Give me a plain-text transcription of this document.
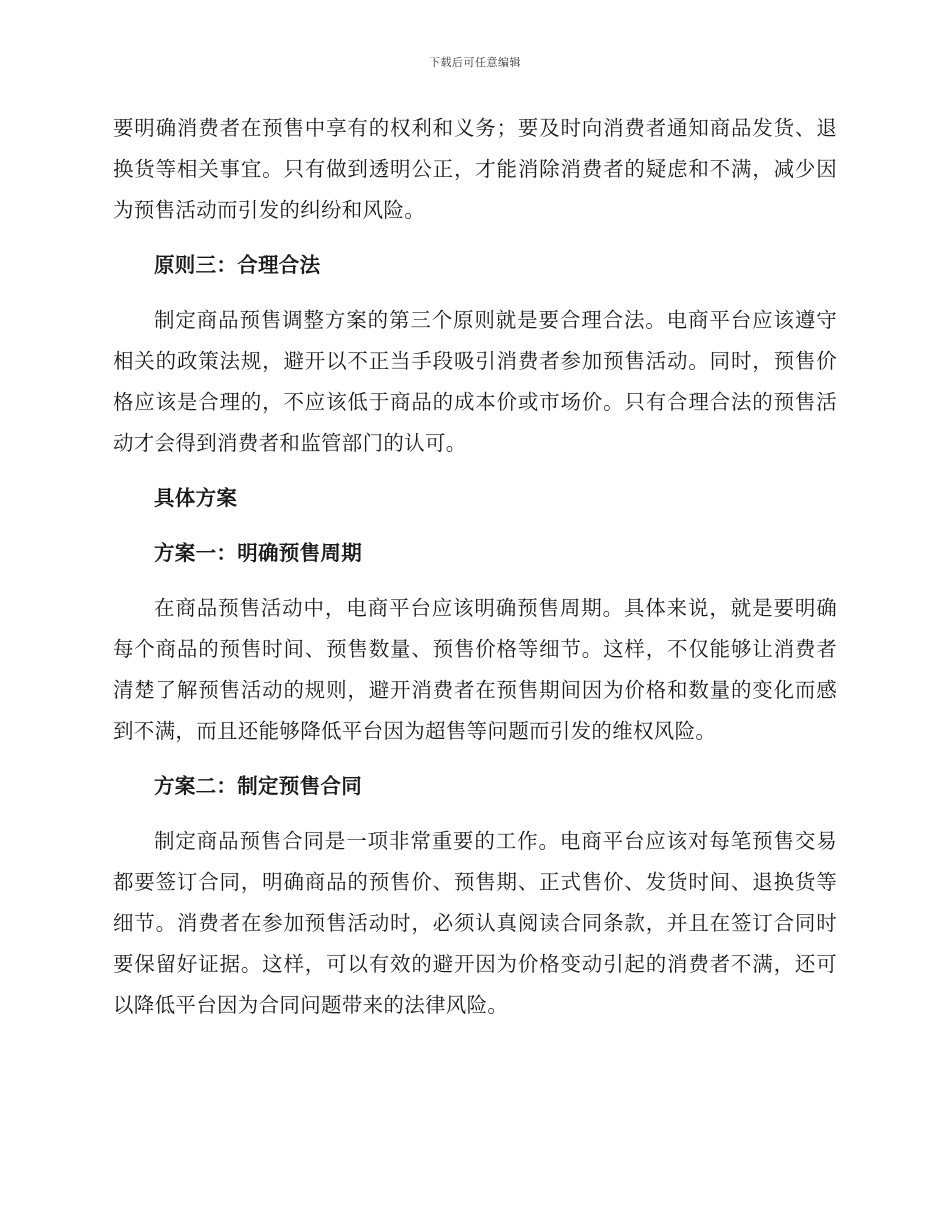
下载后可任意编辑

要明确消费者在预售中享有的权利和义务；要及时向消费者通知商品发货、退换货等相关事宜。只有做到透明公正，才能消除消费者的疑虑和不满，减少因为预售活动而引发的纠纷和风险。

原则三：合理合法

制定商品预售调整方案的第三个原则就是要合理合法。电商平台应该遵守相关的政策法规，避开以不正当手段吸引消费者参加预售活动。同时，预售价格应该是合理的，不应该低于商品的成本价或市场价。只有合理合法的预售活动才会得到消费者和监管部门的认可。

具体方案
方案一：明确预售周期

在商品预售活动中，电商平台应该明确预售周期。具体来说，就是要明确每个商品的预售时间、预售数量、预售价格等细节。这样，不仅能够让消费者清楚了解预售活动的规则，避开消费者在预售期间因为价格和数量的变化而感到不满，而且还能够降低平台因为超售等问题而引发的维权风险。

方案二：制定预售合同

制定商品预售合同是一项非常重要的工作。电商平台应该对每笔预售交易都要签订合同，明确商品的预售价、预售期、正式售价、发货时间、退换货等细节。消费者在参加预售活动时，必须认真阅读合同条款，并且在签订合同时要保留好证据。这样，可以有效的避开因为价格变动引起的消费者不满，还可以降低平台因为合同问题带来的法律风险。
